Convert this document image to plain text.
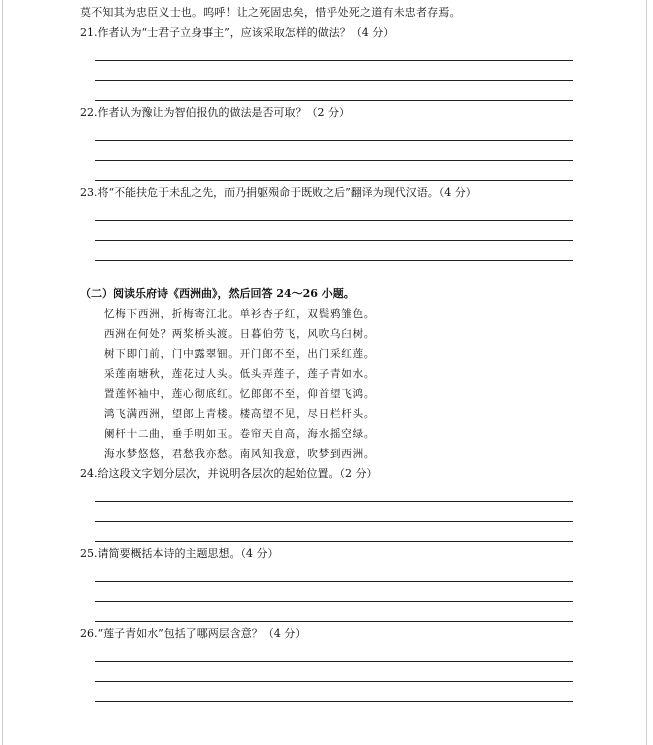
莫不知其为忠臣义士也。呜呼！让之死固忠矣，惜乎处死之道有未忠者存焉。
21.作者认为“士君子立身事主”，应该采取怎样的做法？（4 分）
22.作者认为豫让为智伯报仇的做法是否可取？（2 分）
23.将“不能扶危于未乱之先，而乃捐躯殒命于既败之后”翻译为现代汉语。（4 分）
（二）阅读乐府诗《西洲曲》，然后回答 24～26 小题。
忆梅下西洲，折梅寄江北。单衫杏子红，双鬓鸦雏色。
西洲在何处？两桨桥头渡。日暮伯劳飞，风吹乌臼树。
树下即门前，门中露翠钿。开门郎不至，出门采红莲。
采莲南塘秋，莲花过人头。低头弄莲子，莲子青如水。
置莲怀袖中，莲心彻底红。忆郎郎不至，仰首望飞鸿。
鸿飞满西洲，望郎上青楼。楼高望不见，尽日栏杆头。
阑杆十二曲，垂手明如玉。卷帘天自高，海水摇空绿。
海水梦悠悠，君愁我亦愁。南风知我意，吹梦到西洲。
24.给这段文字划分层次，并说明各层次的起始位置。（2 分）
25.请简要概括本诗的主题思想。（4 分）
26.“莲子青如水”包括了哪两层含意？（4 分）
